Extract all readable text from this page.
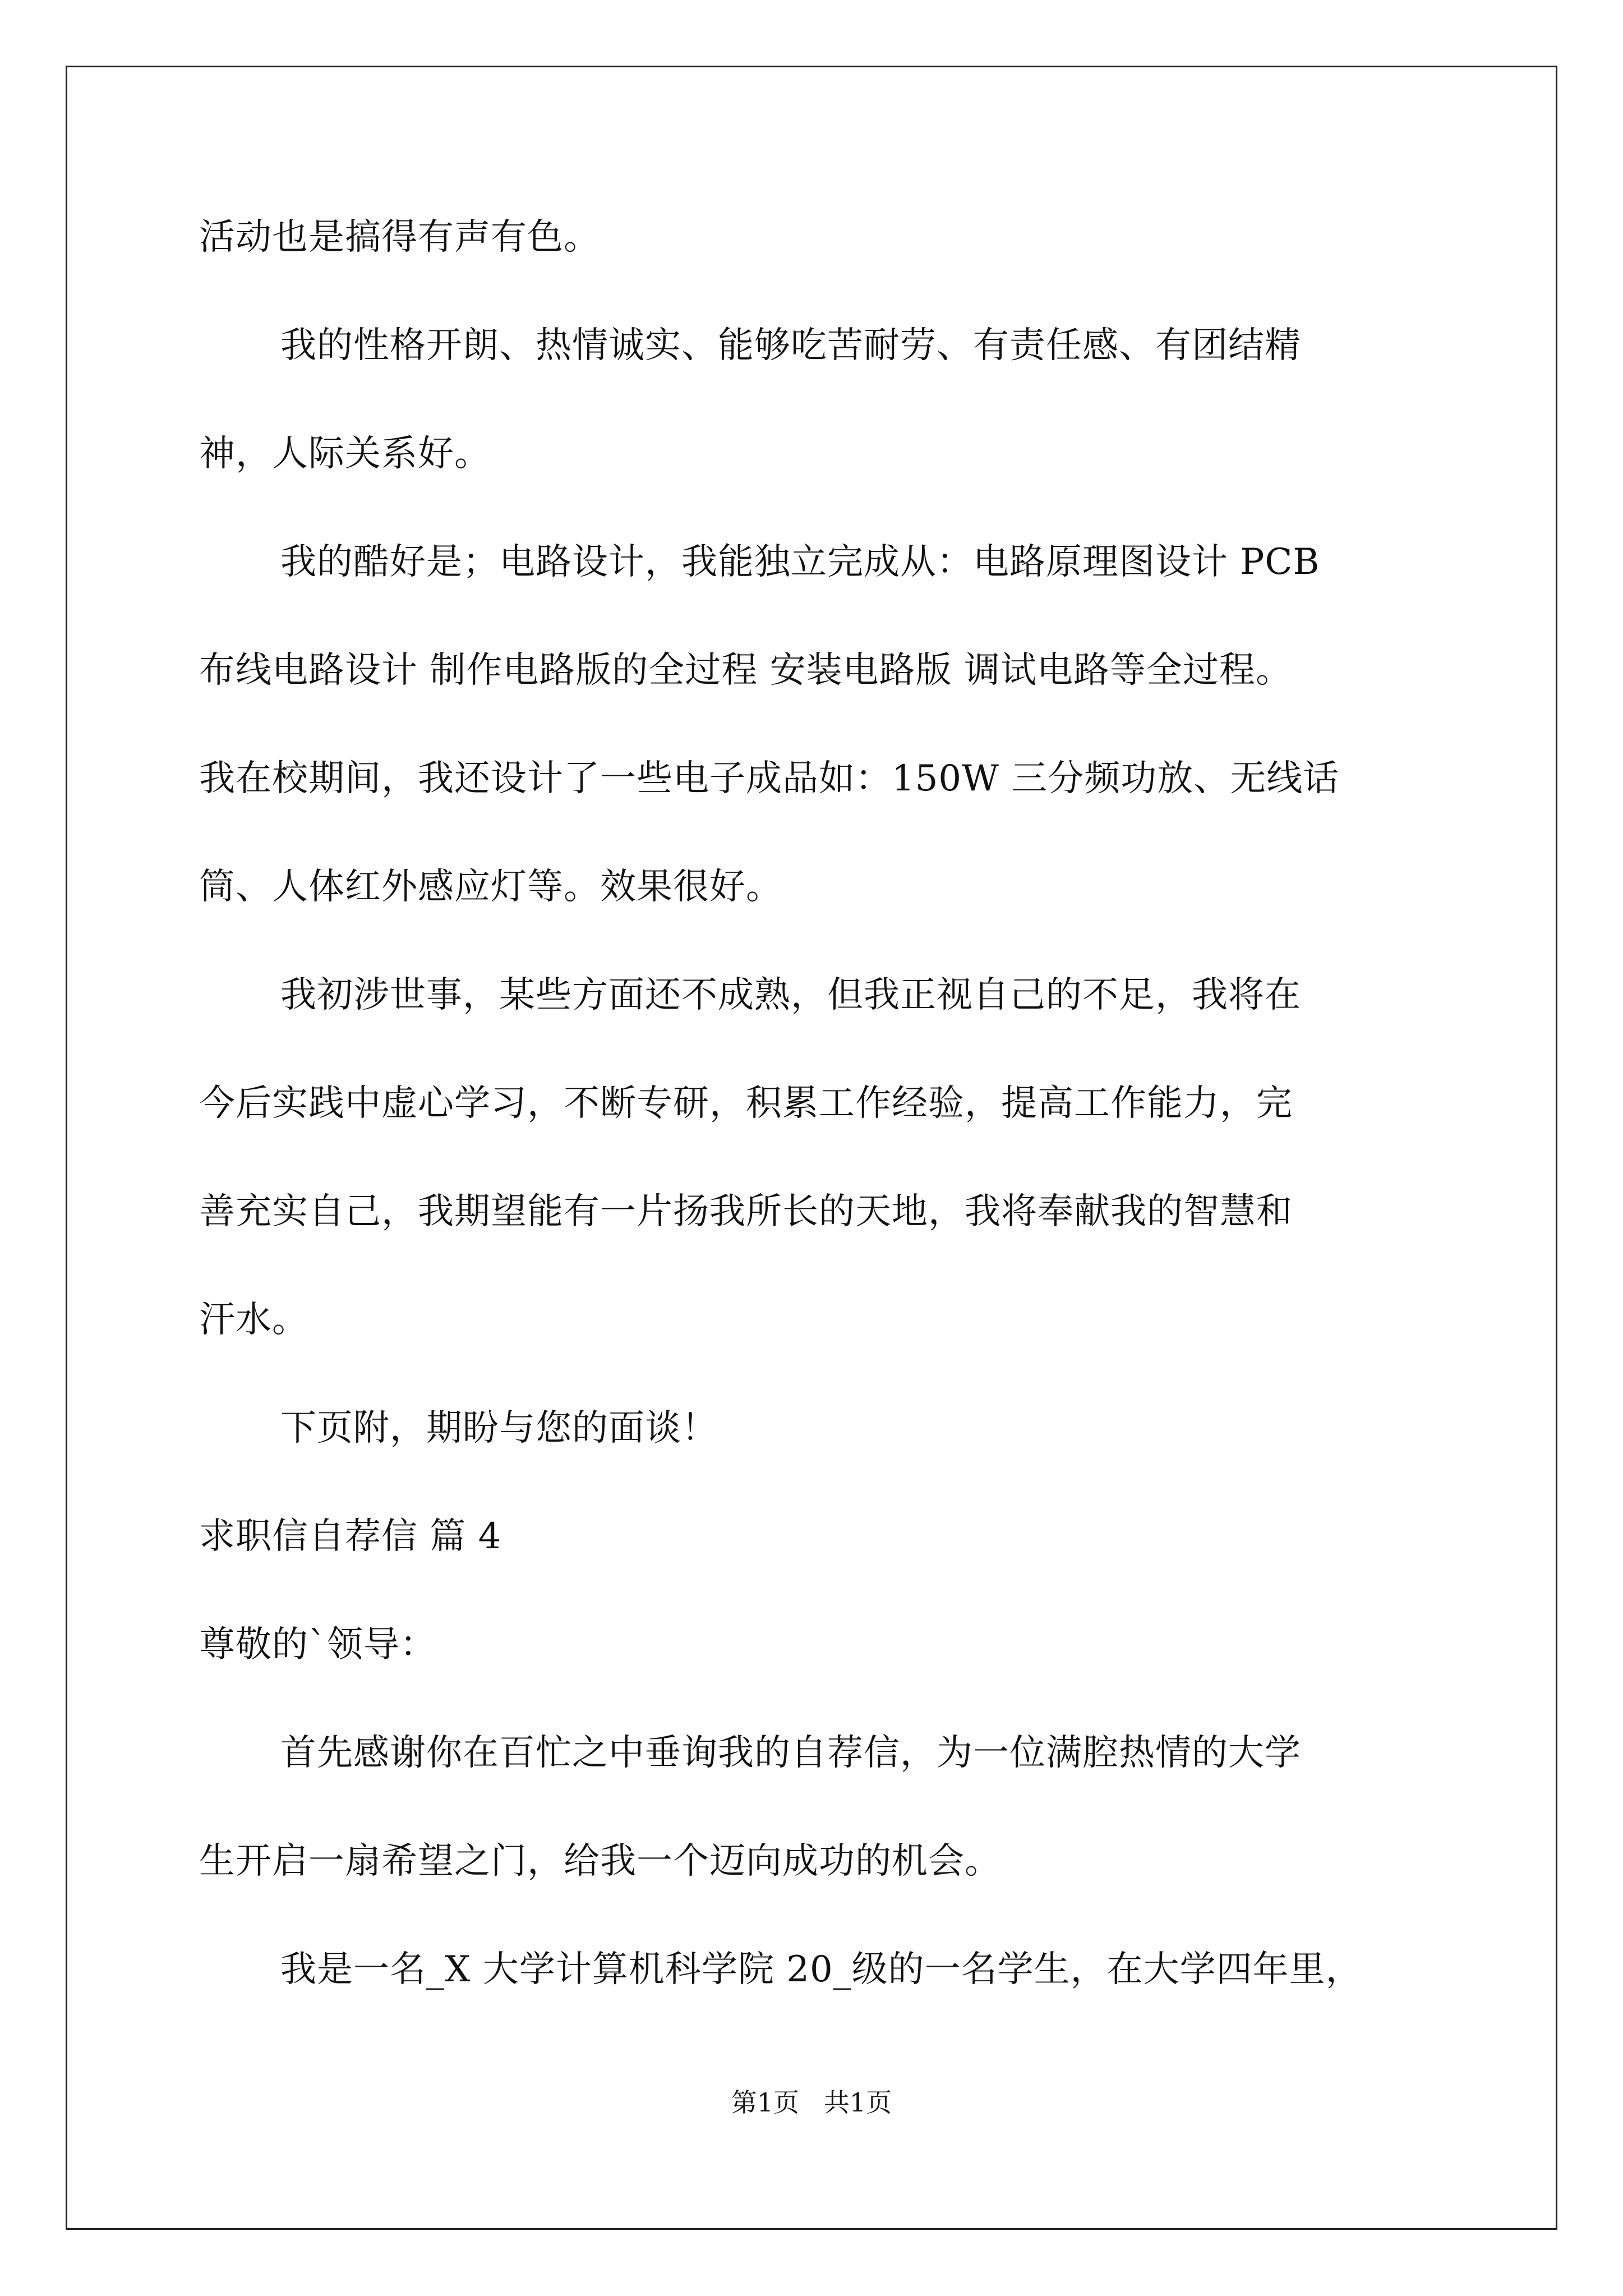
活动也是搞得有声有色。
我的性格开朗、热情诚实、能够吃苦耐劳、有责任感、有团结精
神，人际关系好。
我的酷好是；电路设计，我能独立完成从：电路原理图设计 PCB
布线电路设计 制作电路版的全过程 安装电路版 调试电路等全过程。
我在校期间，我还设计了一些电子成品如：150W 三分频功放、无线话
筒、人体红外感应灯等。效果很好。
我初涉世事，某些方面还不成熟，但我正视自己的不足，我将在
今后实践中虚心学习，不断专研，积累工作经验，提高工作能力，完
善充实自己，我期望能有一片扬我所长的天地，我将奉献我的智慧和
汗水。
下页附，期盼与您的面谈！
求职信自荐信 篇 4
尊敬的`领导：
首先感谢你在百忙之中垂询我的自荐信，为一位满腔热情的大学
生开启一扇希望之门，给我一个迈向成功的机会。
我是一名_X 大学计算机科学院 20_级的一名学生，在大学四年里，
第1页   共1页
